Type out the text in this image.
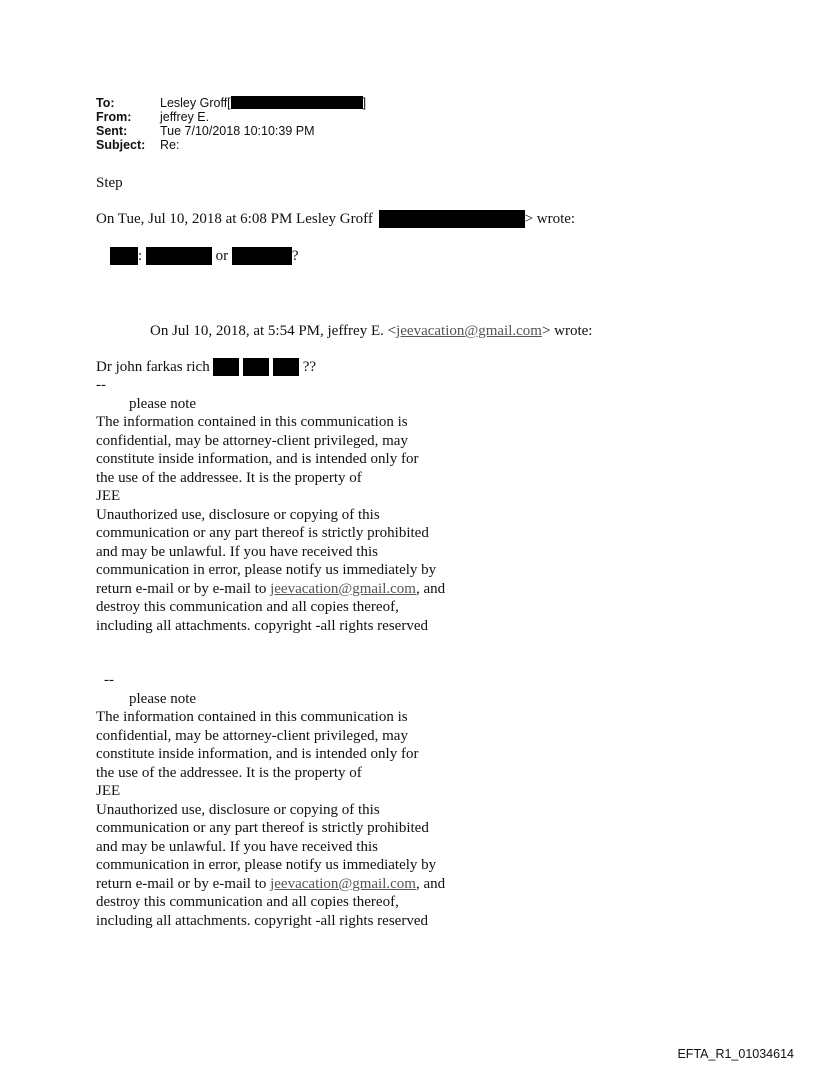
To:	Lesley Groff[	]
From:	jeffrey E.
Sent:	Tue 7/10/2018 10:10:39 PM
Subject:	Re:
Step
On Tue, Jul 10, 2018 at 6:08 PM Lesley Groff	> wrote:
:	or	?
On Jul 10, 2018, at 5:54 PM, jeffrey E. <jeevacation@gmail.com> wrote:
Dr john farkas rich	??
--
please note
The information contained in this communication is
confidential, may be attorney-client privileged, may
constitute inside information, and is intended only for
the use of the addressee. It is the property of
JEE
Unauthorized use, disclosure or copying of this
communication or any part thereof is strictly prohibited
and may be unlawful. If you have received this
communication in error, please notify us immediately by
return e-mail or by e-mail to jeevacation@gmail.com, and
destroy this communication and all copies thereof,
including all attachments. copyright -all rights reserved
--
please note
The information contained in this communication is
confidential, may be attorney-client privileged, may
constitute inside information, and is intended only for
the use of the addressee. It is the property of
JEE
Unauthorized use, disclosure or copying of this
communication or any part thereof is strictly prohibited
and may be unlawful. If you have received this
communication in error, please notify us immediately by
return e-mail or by e-mail to jeevacation@gmail.com, and
destroy this communication and all copies thereof,
including all attachments. copyright -all rights reserved
EFTA_R1_01034614
